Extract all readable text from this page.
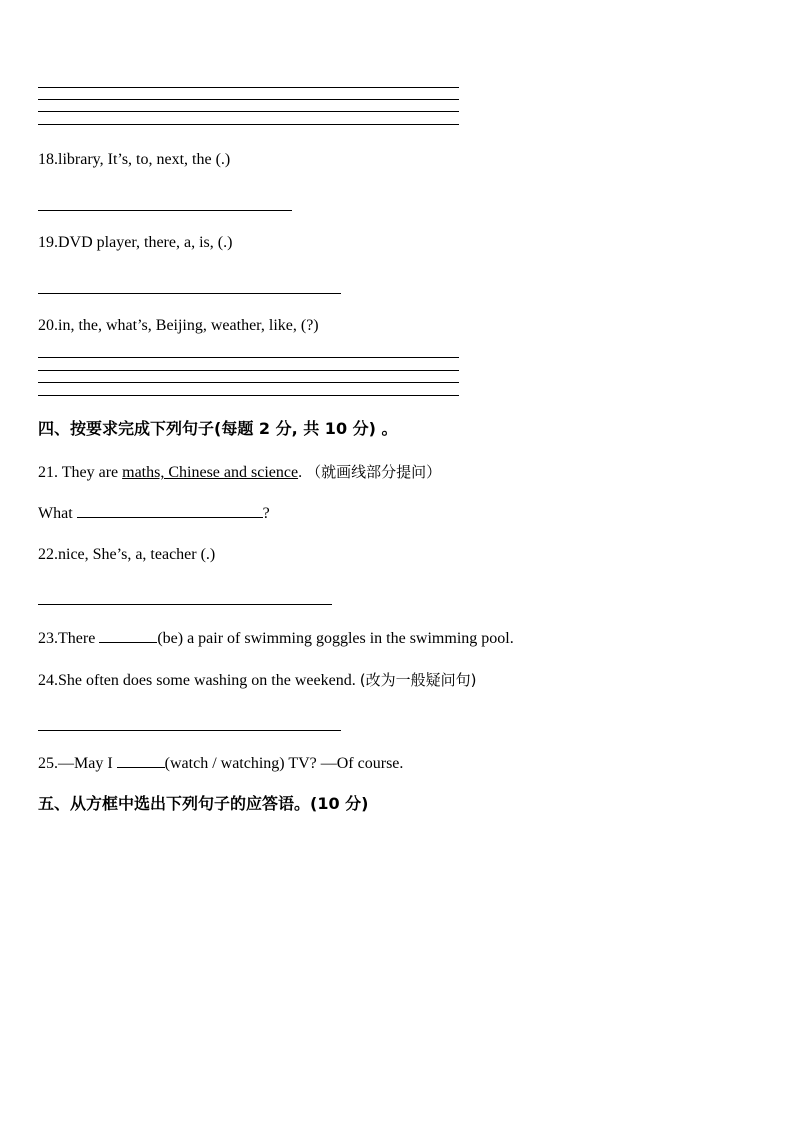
18.library, It’s, to, next, the (.)
19.DVD player, there, a, is, (.)
20.in, the, what’s, Beijing, weather, like, (?)
四、按要求完成下列句子(每题 2 分, 共 10 分) 。
21. They are maths, Chinese and science. （就画线部分提问）
What	?
22.nice, She’s, a, teacher (.)
23.There	(be) a pair of swimming goggles in the swimming pool.
24.She often does some washing on the weekend. (改为一般疑问句)
25.—May I	(watch / watching) TV? —Of course.
五、从方框中选出下列句子的应答语。(10 分)
